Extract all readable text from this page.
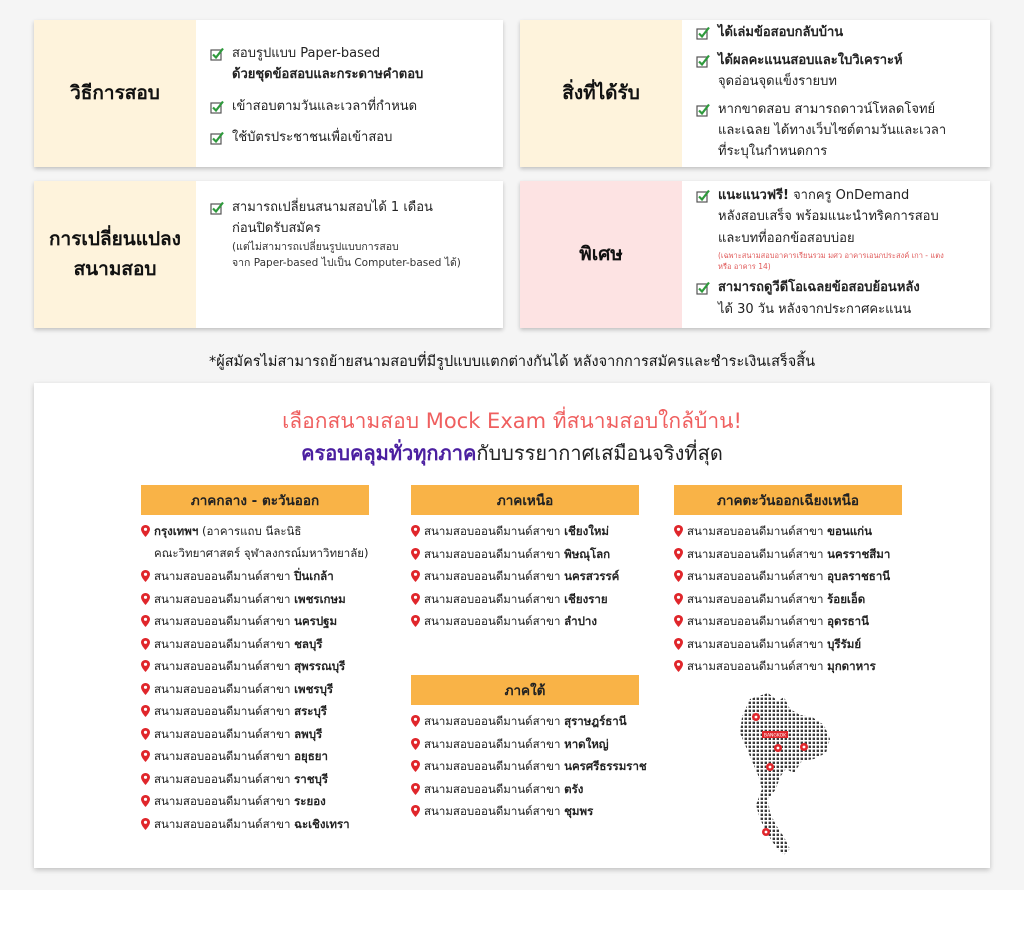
วิธีการสอบ
สอบรูปแบบ Paper-based
ด้วยชุดข้อสอบและกระดาษคำตอบ
เข้าสอบตามวันและเวลาที่กำหนด
ใช้บัตรประชาชนเพื่อเข้าสอบ
สิ่งที่ได้รับ
ได้เล่มข้อสอบกลับบ้าน
ได้ผลคะแนนสอบและใบวิเคราะห์
จุดอ่อนจุดแข็งรายบท
หากขาดสอบ สามารถดาวน์โหลดโจทย์
และเฉลย ได้ทางเว็บไซต์ตามวันและเวลา
ที่ระบุในกำหนดการ
การเปลี่ยนแปลง
สนามสอบ
สามารถเปลี่ยนสนามสอบได้ 1 เดือน
ก่อนปิดรับสมัคร
(แต่ไม่สามารถเปลี่ยนรูปแบบการสอบ
จาก Paper-based ไปเป็น Computer-based ได้)	พิเศษ
แนะแนวฟรี! จากครู OnDemand
หลังสอบเสร็จ พร้อมแนะนำทริคการสอบ
และบทที่ออกข้อสอบบ่อย
(เฉพาะสนามสอบอาคารเรียนรวม มศว อาคารเอนกประสงค์ เกา - แตง
หรือ อาคาร 14)
สามารถดูวีดีโอเฉลยข้อสอบย้อนหลัง
ได้ 30 วัน หลังจากประกาศคะแนน
*ผู้สมัครไม่สามารถย้ายสนามสอบที่มีรูปแบบแตกต่างกันได้ หลังจากการสมัครและชำระเงินเสร็จสิ้น
เลือกสนามสอบ Mock Exam ที่สนามสอบใกล้บ้าน!
ครอบคลุมทั่วทุกภาคกับบรรยากาศเสมือนจริงที่สุด
ภาคกลาง - ตะวันออก
กรุงเทพฯ (อาคารแถบ นีละนิธิ
คณะวิทยาศาสตร์ จุฬาลงกรณ์มหาวิทยาลัย)
สนามสอบออนดีมานด์สาขา ปิ่นเกล้า
สนามสอบออนดีมานด์สาขา เพชรเกษม
สนามสอบออนดีมานด์สาขา นครปฐม
สนามสอบออนดีมานด์สาขา ชลบุรี
สนามสอบออนดีมานด์สาขา สุพรรณบุรี
สนามสอบออนดีมานด์สาขา เพชรบุรี
สนามสอบออนดีมานด์สาขา สระบุรี
สนามสอบออนดีมานด์สาขา ลพบุรี
สนามสอบออนดีมานด์สาขา อยุธยา
สนามสอบออนดีมานด์สาขา ราชบุรี
สนามสอบออนดีมานด์สาขา ระยอง
สนามสอบออนดีมานด์สาขา ฉะเชิงเทรา
ภาคเหนือ
สนามสอบออนดีมานด์สาขา เชียงใหม่
สนามสอบออนดีมานด์สาขา พิษณุโลก
สนามสอบออนดีมานด์สาขา นครสวรรค์
สนามสอบออนดีมานด์สาขา เชียงราย
สนามสอบออนดีมานด์สาขา ลำปาง
ภาคใต้
สนามสอบออนดีมานด์สาขา สุราษฎร์ธานี
สนามสอบออนดีมานด์สาขา หาดใหญ่
สนามสอบออนดีมานด์สาขา นครศรีธรรมราช
สนามสอบออนดีมานด์สาขา ตรัง
สนามสอบออนดีมานด์สาขา ชุมพร
ภาคตะวันออกเฉียงเหนือ
สนามสอบออนดีมานด์สาขา ขอนแก่น
สนามสอบออนดีมานด์สาขา นครราชสีมา
สนามสอบออนดีมานด์สาขา อุบลราชธานี
สนามสอบออนดีมานด์สาขา ร้อยเอ็ด
สนามสอบออนดีมานด์สาขา อุดรธานี
สนามสอบออนดีมานด์สาขา บุรีรัมย์
สนามสอบออนดีมานด์สาขา มุกดาหาร
BANGKOK
